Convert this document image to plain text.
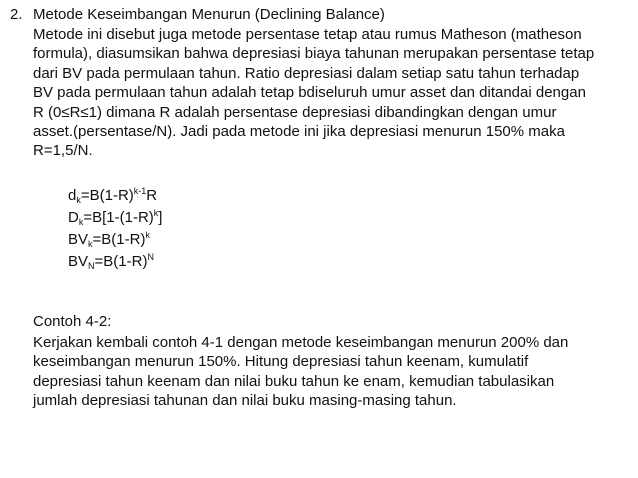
2. Metode Keseimbangan Menurun (Declining Balance)
Metode ini disebut juga metode persentase tetap atau rumus Matheson (matheson
formula), diasumsikan bahwa depresiasi biaya tahunan merupakan persentase tetap
dari BV pada permulaan tahun. Ratio depresiasi dalam setiap satu tahun terhadap
BV pada permulaan tahun adalah tetap bdiseluruh umur asset dan ditandai dengan
R (0≤R≤1) dimana R adalah persentase depresiasi dibandingkan dengan umur
asset.(persentase/N). Jadi pada metode ini jika depresiasi menurun 150% maka
R=1,5/N.
$d_k=B(1-R)^{k-1}R$
$D_k=B[1-(1-R)^k]$
$BV_k=B(1-R)^k$
$BV_N=B(1-R)^N$
Contoh 4-2:
Kerjakan kembali contoh 4-1 dengan metode keseimbangan menurun 200% dan
keseimbangan menurun 150%. Hitung depresiasi tahun keenam, kumulatif
depresiasi tahun keenam dan nilai buku tahun ke enam, kemudian tabulasikan
jumlah depresiasi tahunan dan nilai buku masing-masing tahun.
